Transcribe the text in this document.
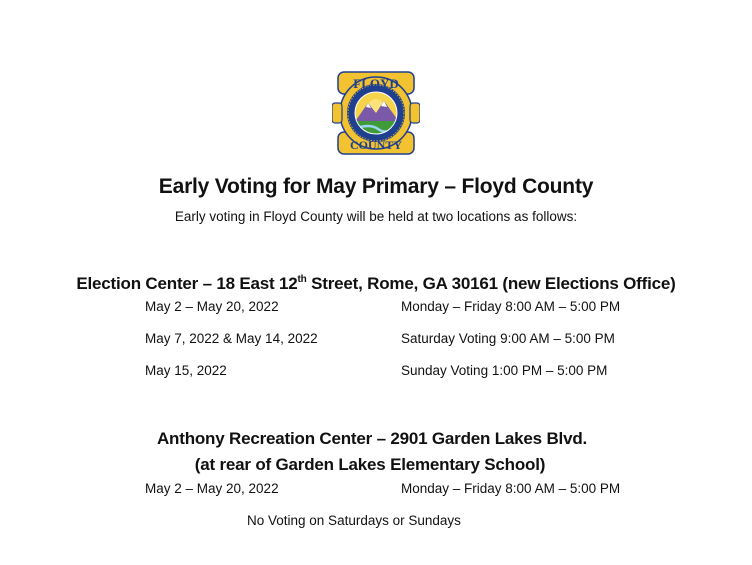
FLOYD
COUNTY
Early Voting for May Primary – Floyd County
Early voting in Floyd County will be held at two locations as follows:
Election Center – 18 East 12th Street, Rome, GA 30161 (new Elections Office)
May 2 – May 20, 2022	Monday – Friday 8:00 AM – 5:00 PM
May 7, 2022 & May 14, 2022	Saturday Voting 9:00 AM – 5:00 PM
May 15, 2022	Sunday Voting 1:00 PM – 5:00 PM
Anthony Recreation Center – 2901 Garden Lakes Blvd.
(at rear of Garden Lakes Elementary School)
May 2 – May 20, 2022	Monday – Friday 8:00 AM – 5:00 PM
No Voting on Saturdays or Sundays
